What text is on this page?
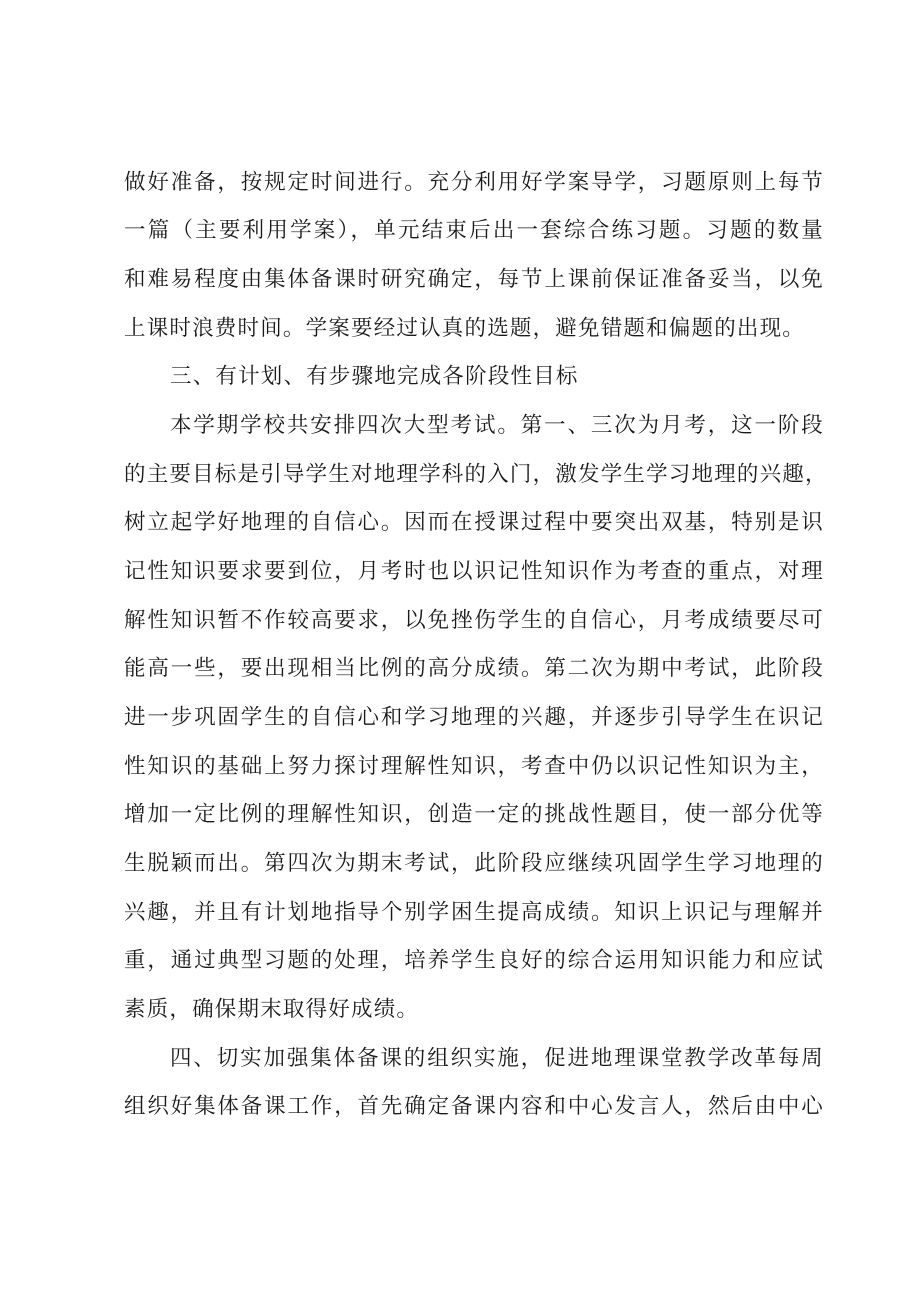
做好准备，按规定时间进行。充分利用好学案导学，习题原则上每节
一篇（主要利用学案），单元结束后出一套综合练习题。习题的数量
和难易程度由集体备课时研究确定，每节上课前保证准备妥当，以免
上课时浪费时间。学案要经过认真的选题，避免错题和偏题的出现。
三、有计划、有步骤地完成各阶段性目标
本学期学校共安排四次大型考试。第一、三次为月考，这一阶段
的主要目标是引导学生对地理学科的入门，激发学生学习地理的兴趣，
树立起学好地理的自信心。因而在授课过程中要突出双基，特别是识
记性知识要求要到位，月考时也以识记性知识作为考查的重点，对理
解性知识暂不作较高要求，以免挫伤学生的自信心，月考成绩要尽可
能高一些，要出现相当比例的高分成绩。第二次为期中考试，此阶段
进一步巩固学生的自信心和学习地理的兴趣，并逐步引导学生在识记
性知识的基础上努力探讨理解性知识，考查中仍以识记性知识为主，
增加一定比例的理解性知识，创造一定的挑战性题目，使一部分优等
生脱颖而出。第四次为期末考试，此阶段应继续巩固学生学习地理的
兴趣，并且有计划地指导个别学困生提高成绩。知识上识记与理解并
重，通过典型习题的处理，培养学生良好的综合运用知识能力和应试
素质，确保期末取得好成绩。
四、切实加强集体备课的组织实施，促进地理课堂教学改革每周
组织好集体备课工作，首先确定备课内容和中心发言人，然后由中心
